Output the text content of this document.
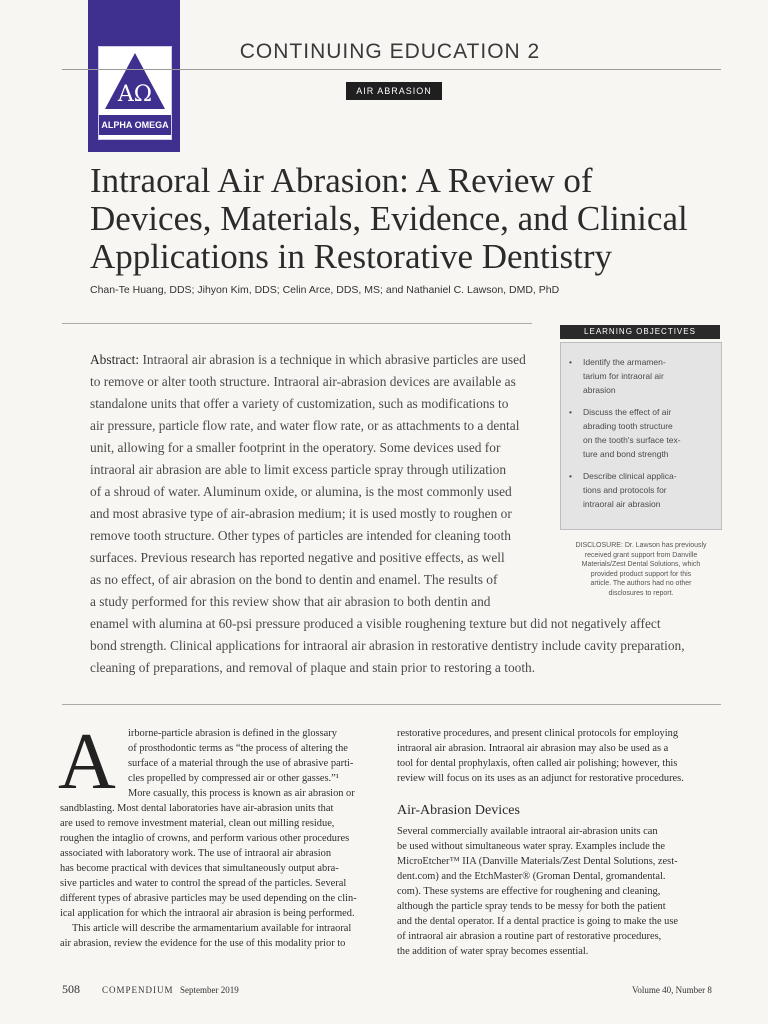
AΩ
ALPHA OMEGA
CONTINUING EDUCATION 2
AIR ABRASION
Intraoral Air Abrasion: A Review of
Devices, Materials, Evidence, and Clinical
Applications in Restorative Dentistry
Chan-Te Huang, DDS; Jihyon Kim, DDS; Celin Arce, DDS, MS; and Nathaniel C. Lawson, DMD, PhD
Abstract: Intraoral air abrasion is a technique in which abrasive particles are used
to remove or alter tooth structure. Intraoral air-abrasion devices are available as
standalone units that offer a variety of customization, such as modifications to
air pressure, particle flow rate, and water flow rate, or as attachments to a dental
unit, allowing for a smaller footprint in the operatory. Some devices used for
intraoral air abrasion are able to limit excess particle spray through utilization
of a shroud of water. Aluminum oxide, or alumina, is the most commonly used
and most abrasive type of air-abrasion medium; it is used mostly to roughen or
remove tooth structure. Other types of particles are intended for cleaning tooth
surfaces. Previous research has reported negative and positive effects, as well
as no effect, of air abrasion on the bond to dentin and enamel. The results of
a study performed for this review show that air abrasion to both dentin and
enamel with alumina at 60-psi pressure produced a visible roughening texture but did not negatively affect
bond strength. Clinical applications for intraoral air abrasion in restorative dentistry include cavity preparation,
cleaning of preparations, and removal of plaque and stain prior to restoring a tooth.
LEARNING OBJECTIVES
• Identify the armamen-
tarium for intraoral air
abrasion
• Discuss the effect of air
abrading tooth structure
on the tooth's surface tex-
ture and bond strength
• Describe clinical applica-
tions and protocols for
intraoral air abrasion
DISCLOSURE: Dr. Lawson has previously
received grant support from Danville
Materials/Zest Dental Solutions, which
provided product support for this
article. The authors had no other
disclosures to report.
A irborne-particle abrasion is defined in the glossary
of prosthodontic terms as “the process of altering the
surface of a material through the use of abrasive parti-
cles propelled by compressed air or other gasses.”¹
More casually, this process is known as air abrasion or
sandblasting. Most dental laboratories have air-abrasion units that
are used to remove investment material, clean out milling residue,
roughen the intaglio of crowns, and perform various other procedures
associated with laboratory work. The use of intraoral air abrasion
has become practical with devices that simultaneously output abra-
sive particles and water to control the spread of the particles. Several
different types of abrasive particles may be used depending on the clin-
ical application for which the intraoral air abrasion is being performed.
This article will describe the armamentarium available for intraoral
air abrasion, review the evidence for the use of this modality prior to
restorative procedures, and present clinical protocols for employing
intraoral air abrasion. Intraoral air abrasion may also be used as a
tool for dental prophylaxis, often called air polishing; however, this
review will focus on its uses as an adjunct for restorative procedures.
Air-Abrasion Devices
Several commercially available intraoral air-abrasion units can
be used without simultaneous water spray. Examples include the
MicroEtcher™ IIA (Danville Materials/Zest Dental Solutions, zest-
dent.com) and the EtchMaster® (Groman Dental, gromandental.
com). These systems are effective for roughening and cleaning,
although the particle spray tends to be messy for both the patient
and the dental operator. If a dental practice is going to make the use
of intraoral air abrasion a routine part of restorative procedures,
the addition of water spray becomes essential.
508 COMPENDIUM September 2019	Volume 40, Number 8
